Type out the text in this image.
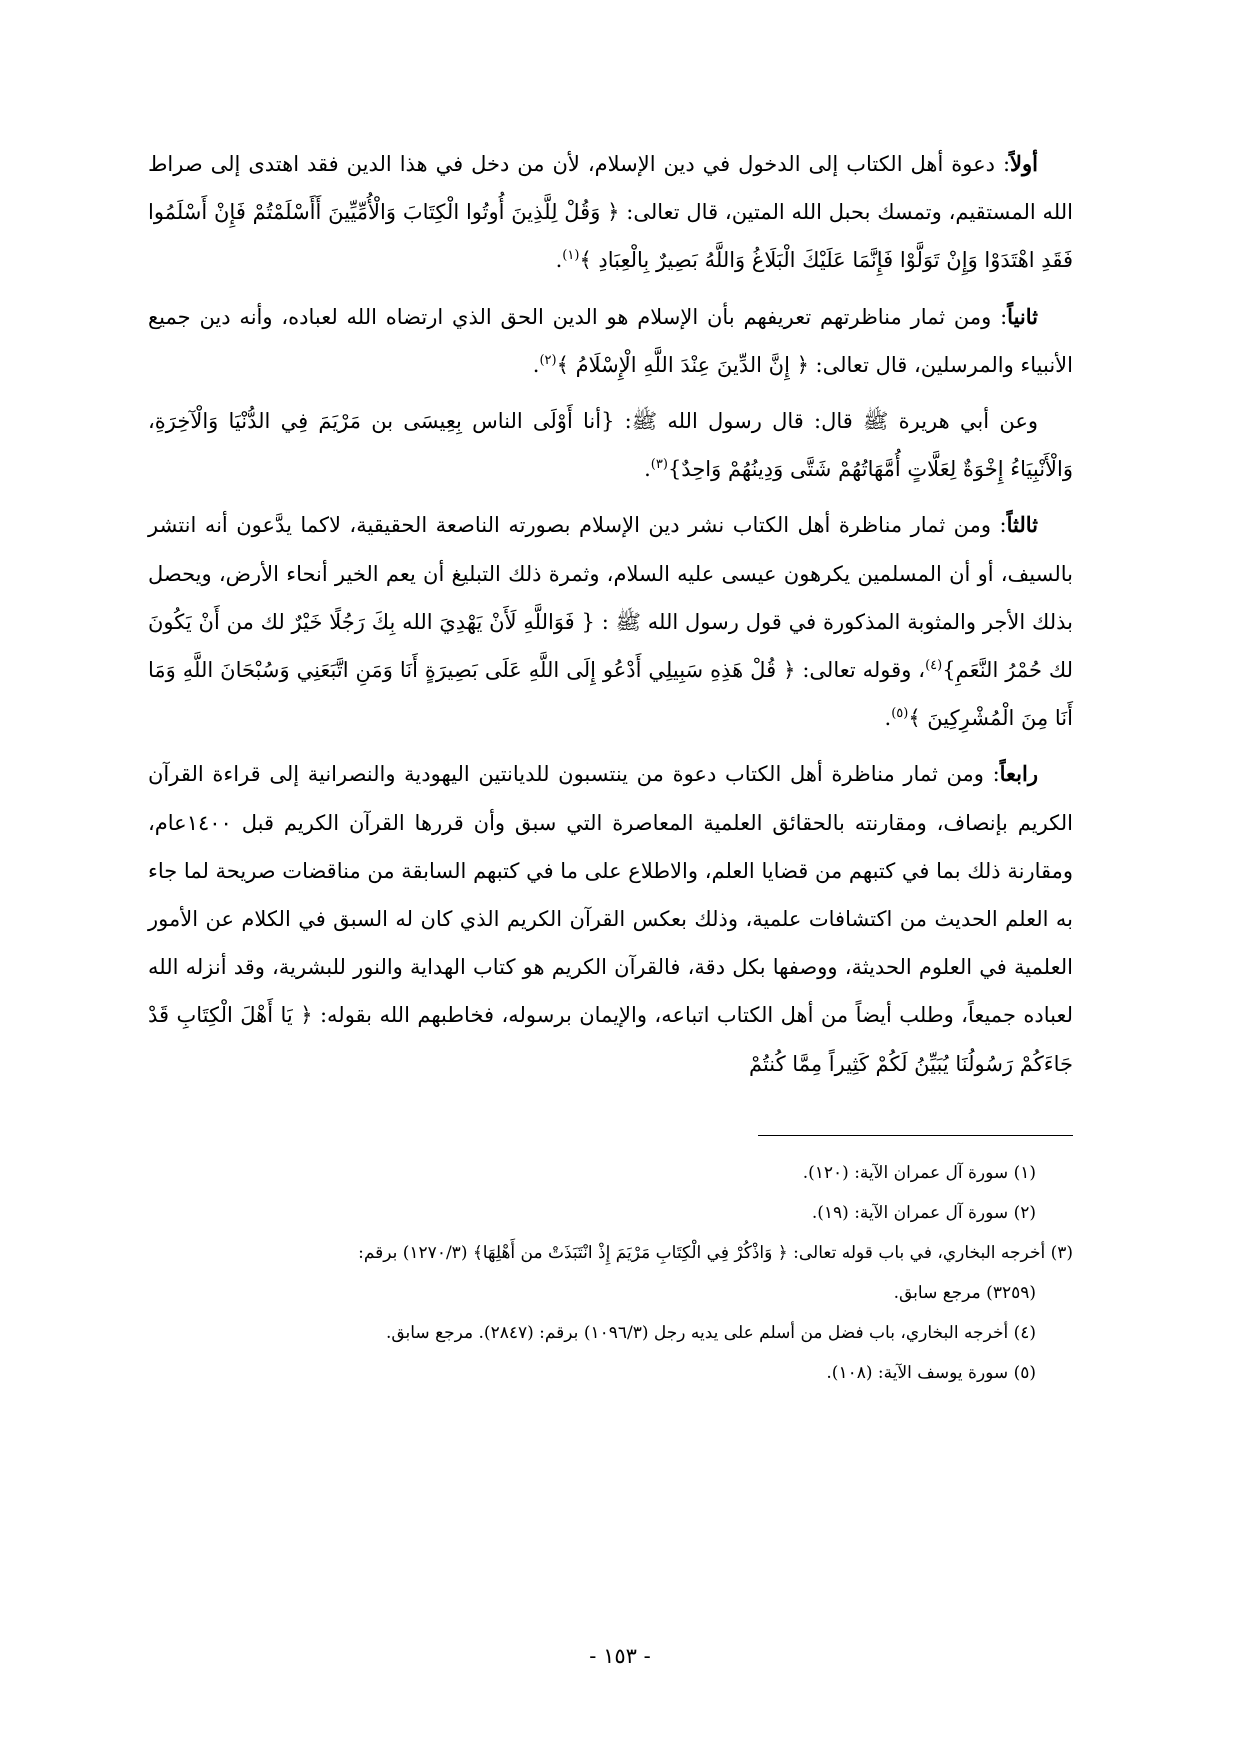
أولاً: دعوة أهل الكتاب إلى الدخول في دين الإسلام، لأن من دخل في هذا الدين فقد اهتدى إلى صراط الله المستقيم، وتمسك بحبل الله المتين، قال تعالى: ﴿ وَقُلْ لِلَّذِينَ أُوتُوا الْكِتَابَ وَالْأُمِّيِّينَ أَأَسْلَمْتُمْ فَإِنْ أَسْلَمُوا فَقَدِ اهْتَدَوْا وَإِنْ تَوَلَّوْا فَإِنَّمَا عَلَيْكَ الْبَلَاغُ وَاللَّهُ بَصِيرٌ بِالْعِبَادِ ﴾$^{(١)}$.

ثانياً: ومن ثمار مناظرتهم تعريفهم بأن الإسلام هو الدين الحق الذي ارتضاه الله لعباده، وأنه دين جميع الأنبياء والمرسلين، قال تعالى: ﴿ إِنَّ الدِّينَ عِنْدَ اللَّهِ الْإِسْلَامُ ﴾$^{(٢)}$.

وعن أبي هريرة ﷺ قال: قال رسول الله ﷺ: {أنا أَوْلَى الناس بِعِيسَى بن مَرْيَمَ فِي الدُّنْيَا وَالْآخِرَةِ، وَالْأَنْبِيَاءُ إِخْوَةٌ لِعَلَّاتٍ أُمَّهَاتُهُمْ شَتَّى وَدِينُهُمْ وَاحِدٌ}$^{(٣)}$.

ثالثاً: ومن ثمار مناظرة أهل الكتاب نشر دين الإسلام بصورته الناصعة الحقيقية، لاكما يدَّعون أنه انتشر بالسيف، أو أن المسلمين يكرهون عيسى عليه السلام، وثمرة ذلك التبليغ أن يعم الخير أنحاء الأرض، ويحصل بذلك الأجر والمثوبة المذكورة في قول رسول الله ﷺ : { فَوَاللَّهِ لَأَنْ يَهْدِيَ الله بِكَ رَجُلًا خَيْرٌ لك من أَنْ يَكُونَ لك حُمْرُ النَّعَمِ}$^{(٤)}$، وقوله تعالى: ﴿ قُلْ هَذِهِ سَبِيلِي أَدْعُو إِلَى اللَّهِ عَلَى بَصِيرَةٍ أَنَا وَمَنِ اتَّبَعَنِي وَسُبْحَانَ اللَّهِ وَمَا أَنَا مِنَ الْمُشْرِكِينَ ﴾$^{(٥)}$.

رابعاً: ومن ثمار مناظرة أهل الكتاب دعوة من ينتسبون للديانتين اليهودية والنصرانية إلى قراءة القرآن الكريم بإنصاف، ومقارنته بالحقائق العلمية المعاصرة التي سبق وأن قررها القرآن الكريم قبل ١٤٠٠عام، ومقارنة ذلك بما في كتبهم من قضايا العلم، والاطلاع على ما في كتبهم السابقة من مناقضات صريحة لما جاء به العلم الحديث من اكتشافات علمية، وذلك بعكس القرآن الكريم الذي كان له السبق في الكلام عن الأمور العلمية في العلوم الحديثة، ووصفها بكل دقة، فالقرآن الكريم هو كتاب الهداية والنور للبشرية، وقد أنزله الله لعباده جميعاً، وطلب أيضاً من أهل الكتاب اتباعه، والإيمان برسوله، فخاطبهم الله بقوله: ﴿ يَا أَهْلَ الْكِتَابِ قَدْ جَاءَكُمْ رَسُولُنَا يُبَيِّنُ لَكُمْ كَثِيراً مِمَّا كُنتُمْ

(١) سورة آل عمران الآية: (١٢٠).

(٢) سورة آل عمران الآية: (١٩).

(٣) أخرجه البخاري، في باب قوله تعالى: ﴿ وَاذْكُرْ فِي الْكِتَابِ مَرْيَمَ إِذْ انْتَبَذَتْ من أَهْلِهَا﴾ (١٢٧٠/٣) برقم:
(٣٢٥٩) مرجع سابق.

(٤) أخرجه البخاري، باب فضل من أسلم على يديه رجل (١٠٩٦/٣) برقم: (٢٨٤٧). مرجع سابق.

(٥) سورة يوسف الآية: (١٠٨).

- ١٥٣ -
